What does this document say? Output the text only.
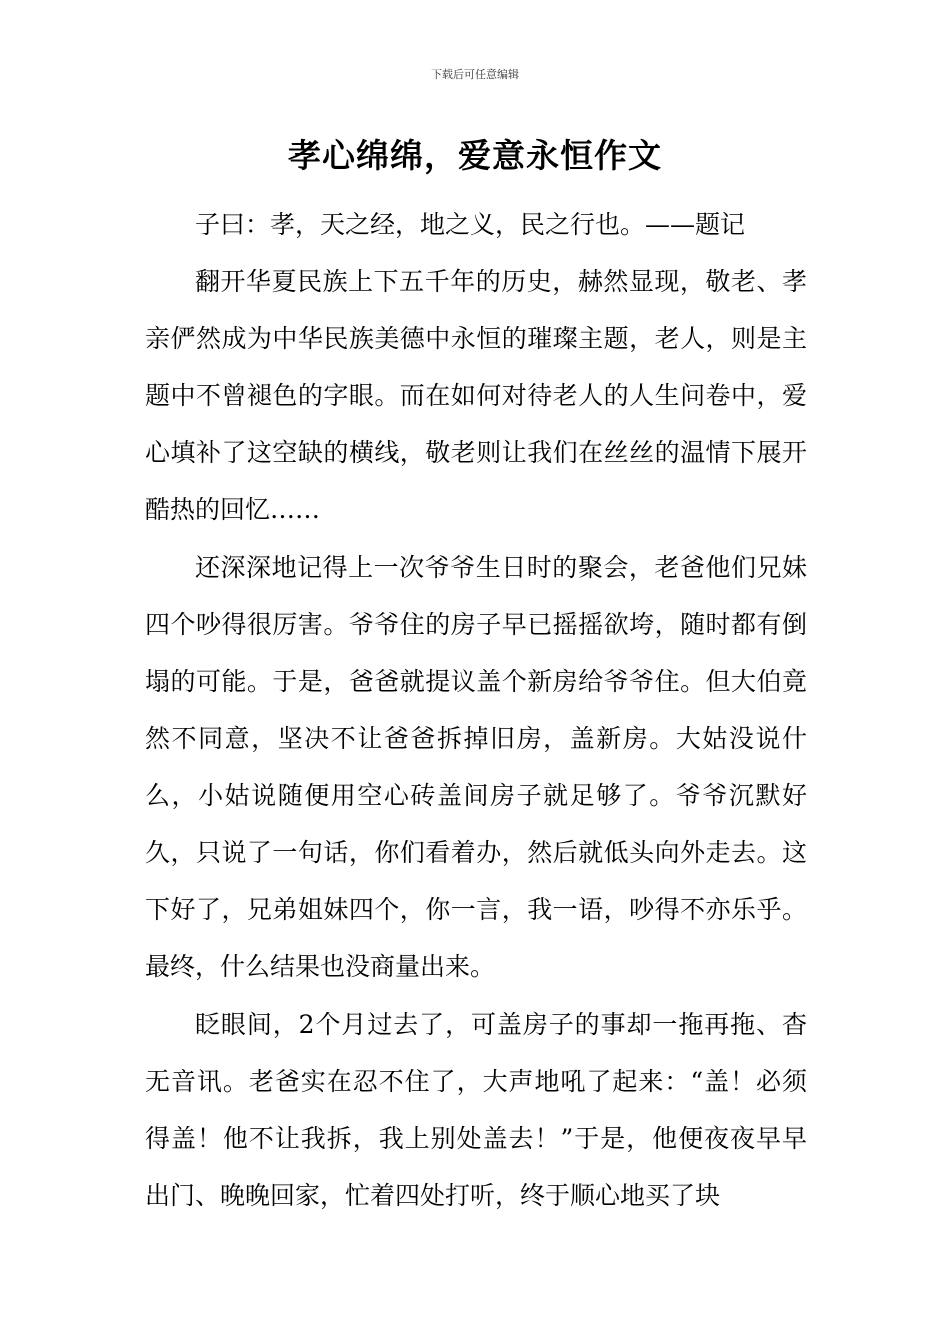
下载后可任意编辑
孝心绵绵，爱意永恒作文

子曰：孝，天之经，地之义，民之行也。——题记

翻开华夏民族上下五千年的历史，赫然显现，敬老、孝亲俨然成为中华民族美德中永恒的璀璨主题，老人，则是主题中不曾褪色的字眼。而在如何对待老人的人生问卷中，爱心填补了这空缺的横线，敬老则让我们在丝丝的温情下展开酷热的回忆……

还深深地记得上一次爷爷生日时的聚会，老爸他们兄妹四个吵得很厉害。爷爷住的房子早已摇摇欲垮，随时都有倒塌的可能。于是，爸爸就提议盖个新房给爷爷住。但大伯竟然不同意，坚决不让爸爸拆掉旧房，盖新房。大姑没说什么，小姑说随便用空心砖盖间房子就足够了。爷爷沉默好久，只说了一句话，你们看着办，然后就低头向外走去。这下好了，兄弟姐妹四个，你一言，我一语，吵得不亦乐乎。最终，什么结果也没商量出来。

眨眼间，2个月过去了，可盖房子的事却一拖再拖、杳无音讯。老爸实在忍不住了，大声地吼了起来：“盖！必须得盖！他不让我拆，我上别处盖去！”于是，他便夜夜早早出门、晚晚回家，忙着四处打听，终于顺心地买了块
